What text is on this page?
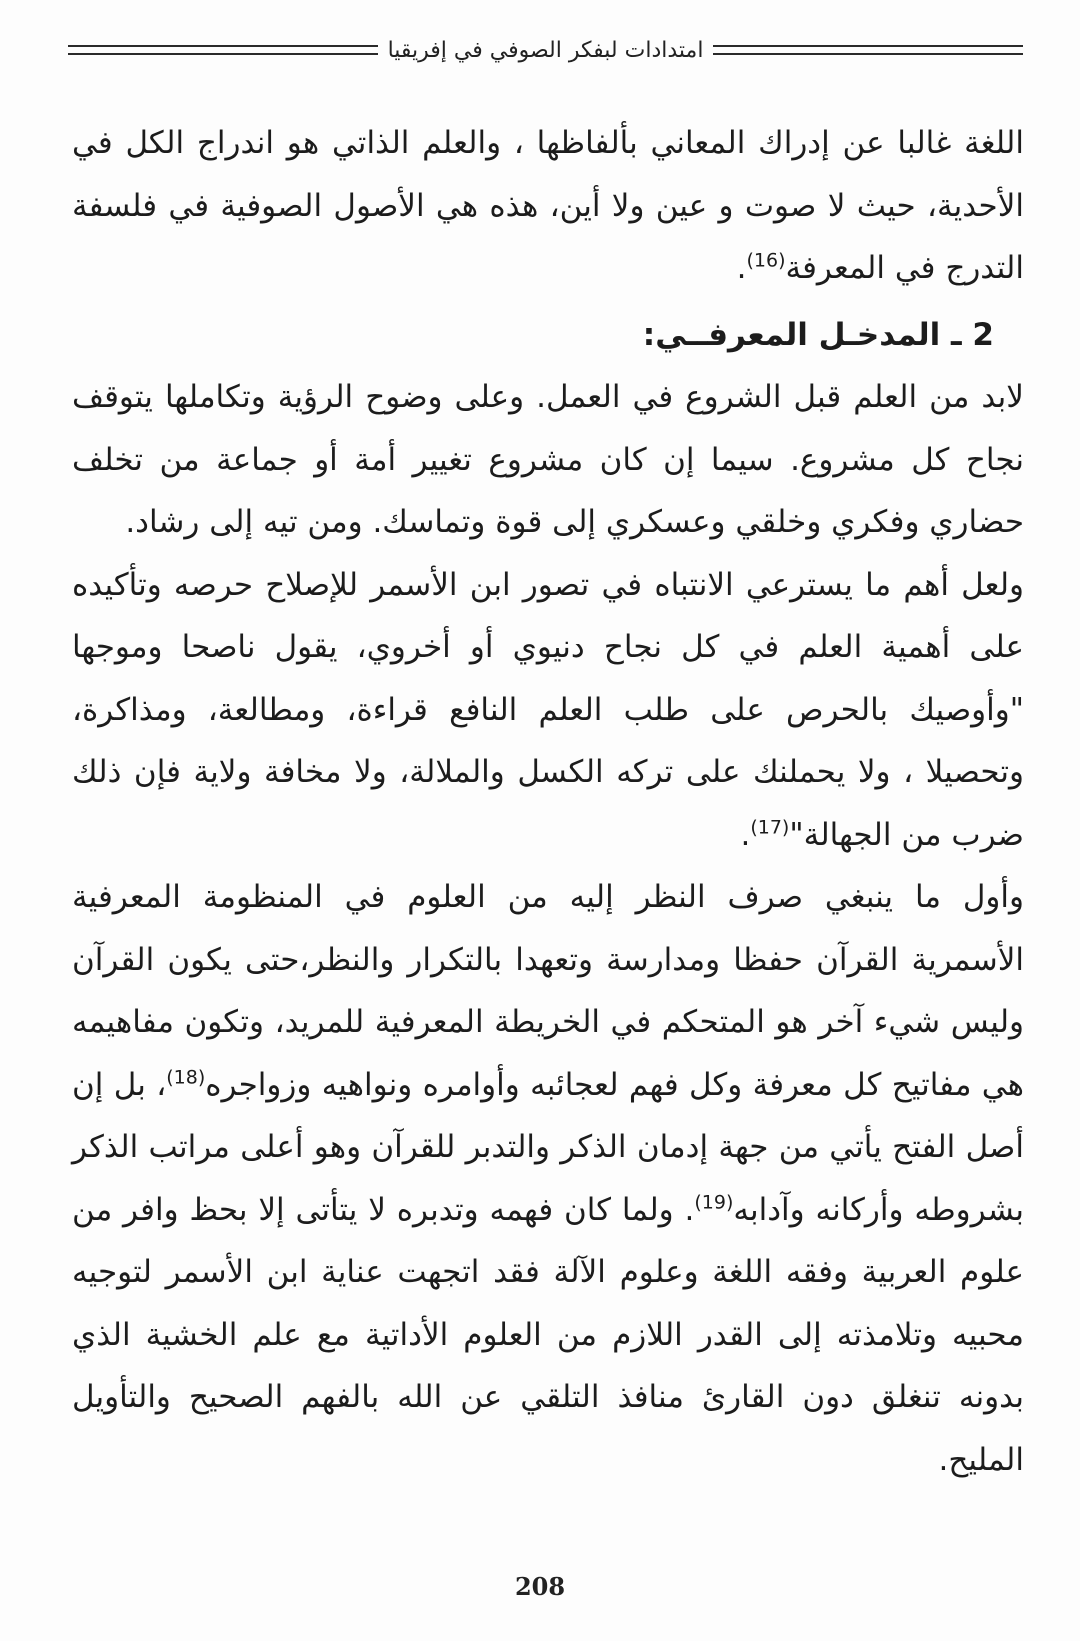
امتدادات لبفكر الصوفي في إفريقيا

اللغة غالبا عن إدراك المعاني بألفاظها ، والعلم الذاتي هو اندراج الكل في الأحدية، حيث لا صوت و عين ولا أين، هذه هي الأصول الصوفية في فلسفة التدرج في المعرفة$^{(16)}$.

2 ـ المدخـل المعرفــي:

لابد من العلم قبل الشروع في العمل. وعلى وضوح الرؤية وتكاملها يتوقف نجاح كل مشروع. سيما إن كان مشروع تغيير أمة أو جماعة من تخلف حضاري وفكري وخلقي وعسكري إلى قوة وتماسك. ومن تيه إلى رشاد.

ولعل أهم ما يسترعي الانتباه في تصور ابن الأسمر للإصلاح حرصه وتأكيده على أهمية العلم في كل نجاح دنيوي أو أخروي، يقول ناصحا وموجها "وأوصيك بالحرص على طلب العلم النافع قراءة، ومطالعة، ومذاكرة، وتحصيلا ، ولا يحملنك على تركه الكسل والملالة، ولا مخافة ولاية فإن ذلك ضرب من الجهالة"$^{(17)}$.

وأول ما ينبغي صرف النظر إليه من العلوم في المنظومة المعرفية الأسمرية القرآن حفظا ومدارسة وتعهدا بالتكرار والنظر،حتى يكون القرآن وليس شيء آخر هو المتحكم في الخريطة المعرفية للمريد، وتكون مفاهيمه هي مفاتيح كل معرفة وكل فهم لعجائبه وأوامره ونواهيه وزواجره$^{(18)}$، بل إن أصل الفتح يأتي من جهة إدمان الذكر والتدبر للقرآن وهو أعلى مراتب الذكر بشروطه وأركانه وآدابه$^{(19)}$. ولما كان فهمه وتدبره لا يتأتى إلا بحظ وافر من علوم العربية وفقه اللغة وعلوم الآلة فقد اتجهت عناية ابن الأسمر لتوجيه محبيه وتلامذته إلى القدر اللازم من العلوم الأداتية مع علم الخشية الذي بدونه تنغلق دون القارئ منافذ التلقي عن الله بالفهم الصحيح والتأويل المليح.

208
